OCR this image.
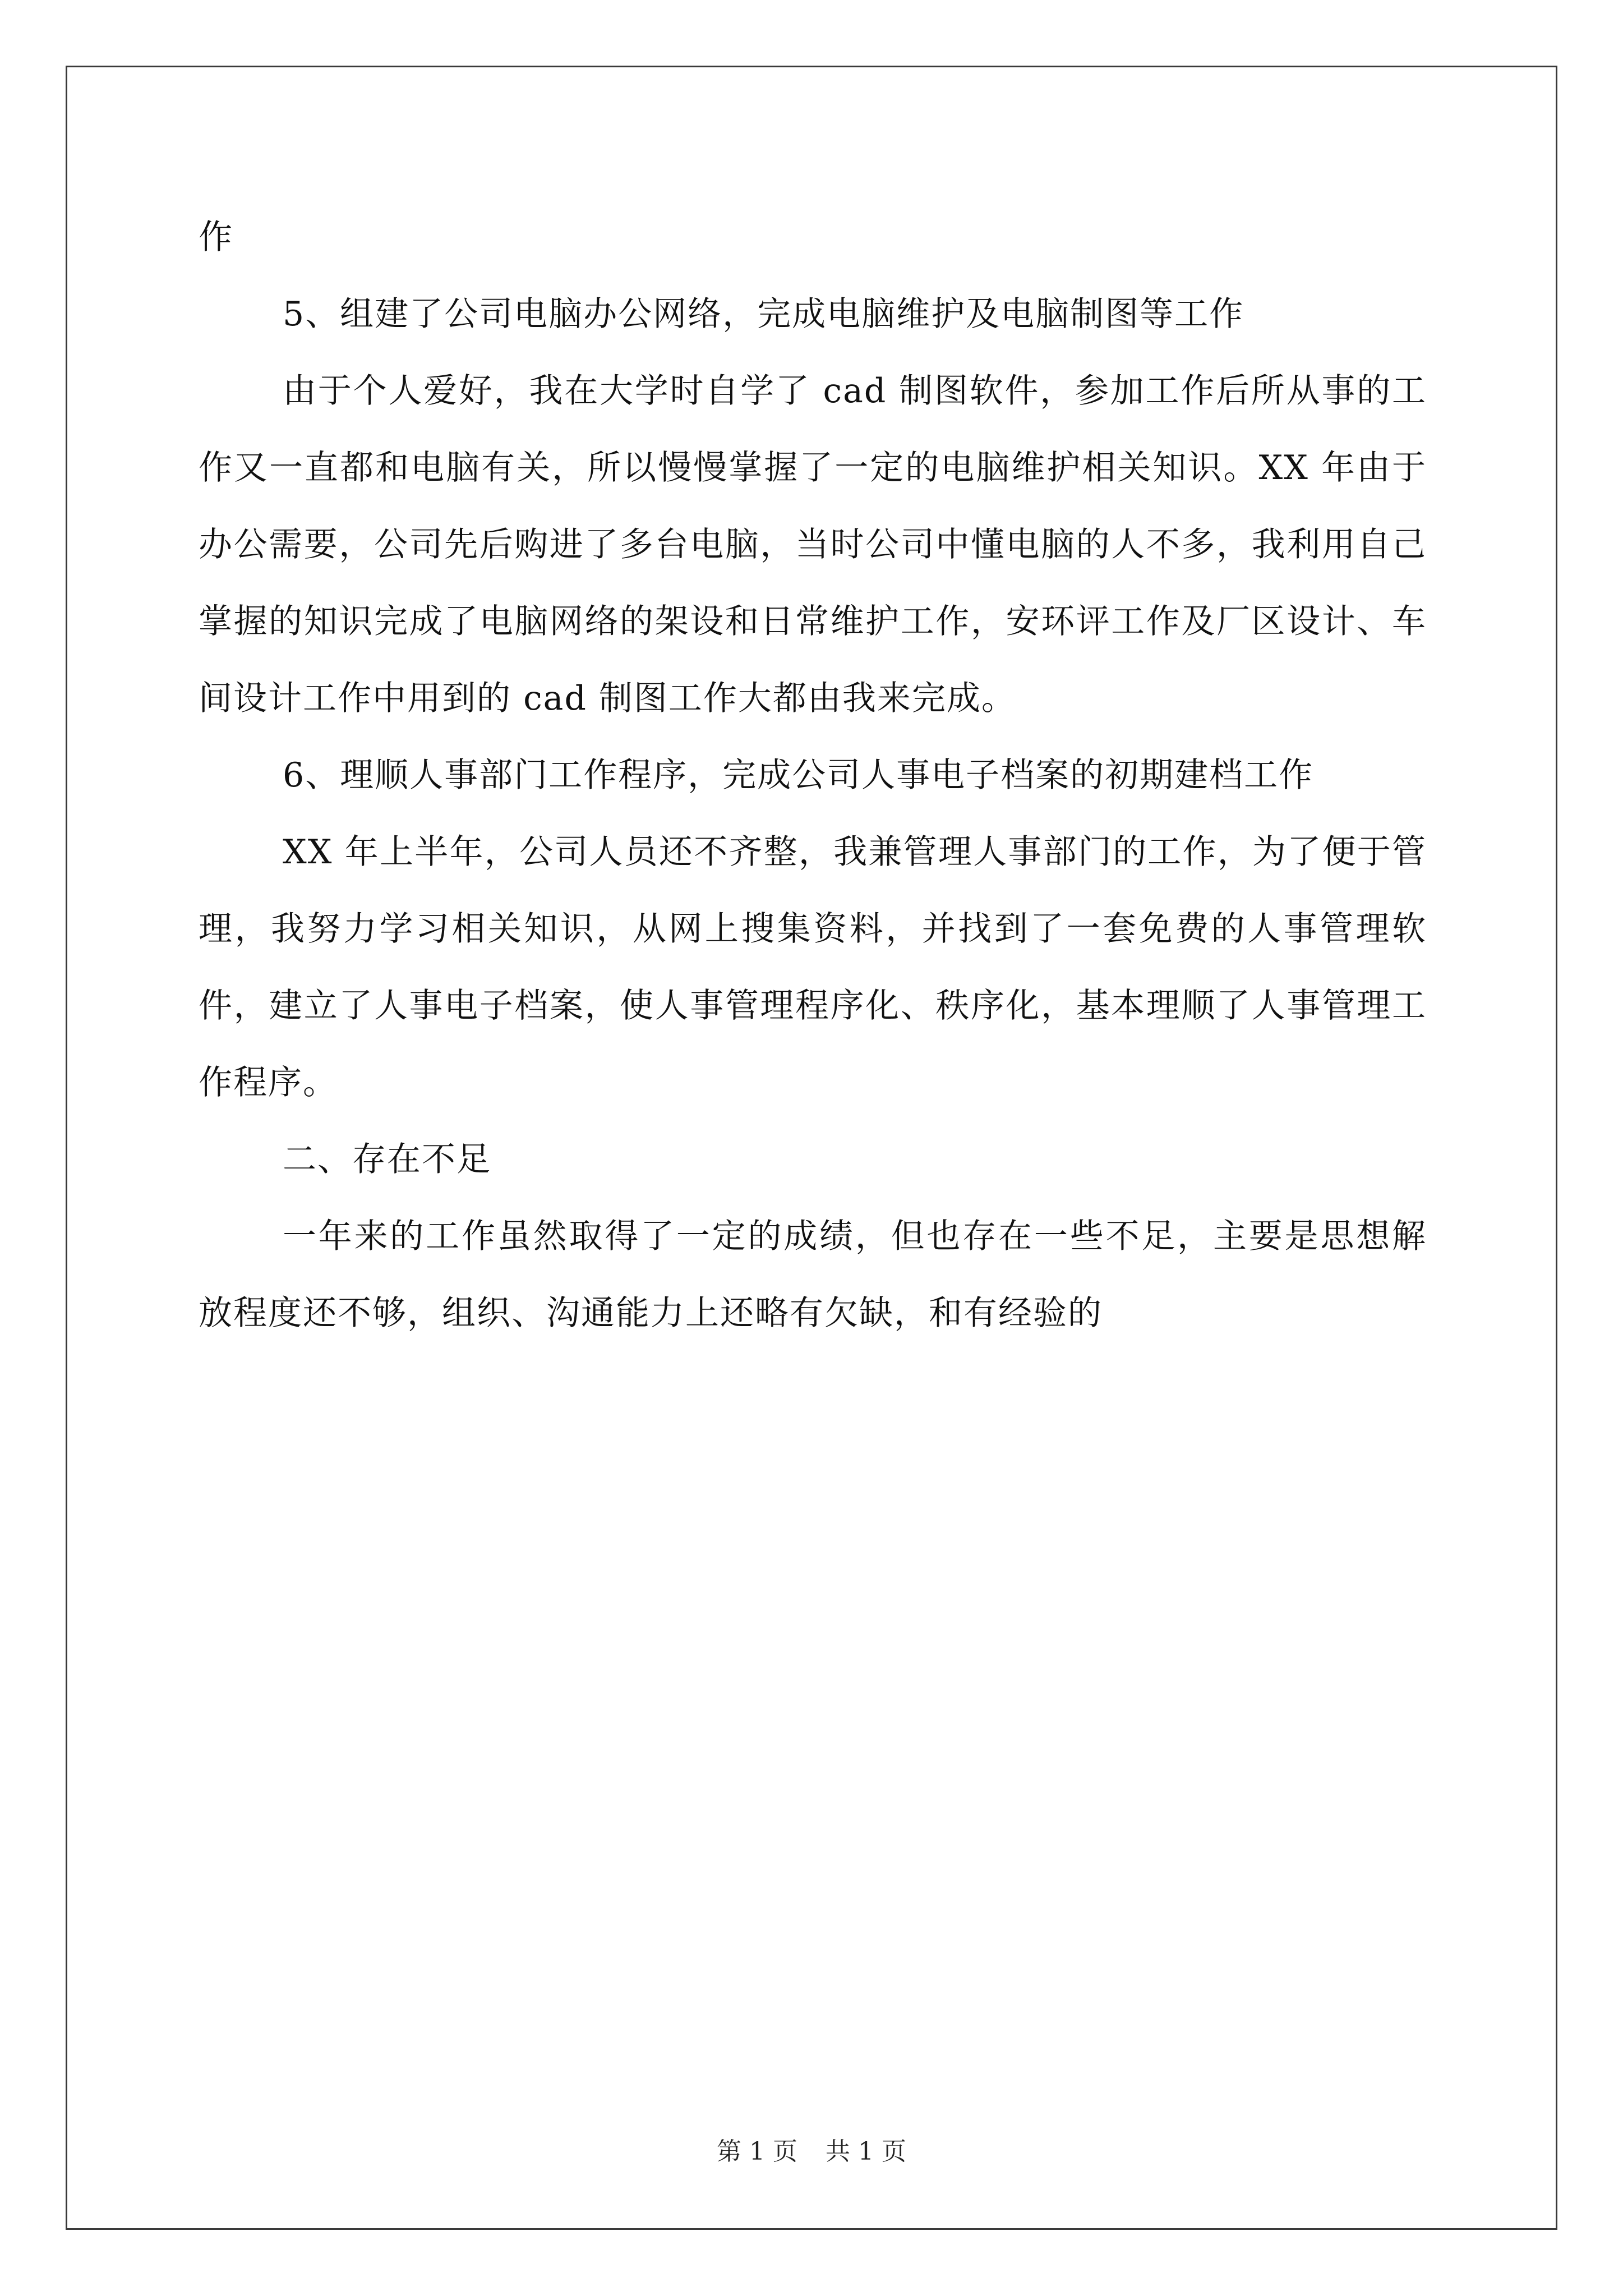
作

5、组建了公司电脑办公网络，完成电脑维护及电脑制图等工作

由于个人爱好，我在大学时自学了 cad 制图软件，参加工作后所从事的工作又一直都和电脑有关，所以慢慢掌握了一定的电脑维护相关知识。XX 年由于办公需要，公司先后购进了多台电脑，当时公司中懂电脑的人不多，我利用自己掌握的知识完成了电脑网络的架设和日常维护工作，安环评工作及厂区设计、车间设计工作中用到的 cad 制图工作大都由我来完成。

6、理顺人事部门工作程序，完成公司人事电子档案的初期建档工作

XX 年上半年，公司人员还不齐整，我兼管理人事部门的工作，为了便于管理，我努力学习相关知识，从网上搜集资料，并找到了一套免费的人事管理软件，建立了人事电子档案，使人事管理程序化、秩序化，基本理顺了人事管理工作程序。

二、存在不足

一年来的工作虽然取得了一定的成绩，但也存在一些不足，主要是思想解放程度还不够，组织、沟通能力上还略有欠缺，和有经验的

第 1 页 共 1 页
